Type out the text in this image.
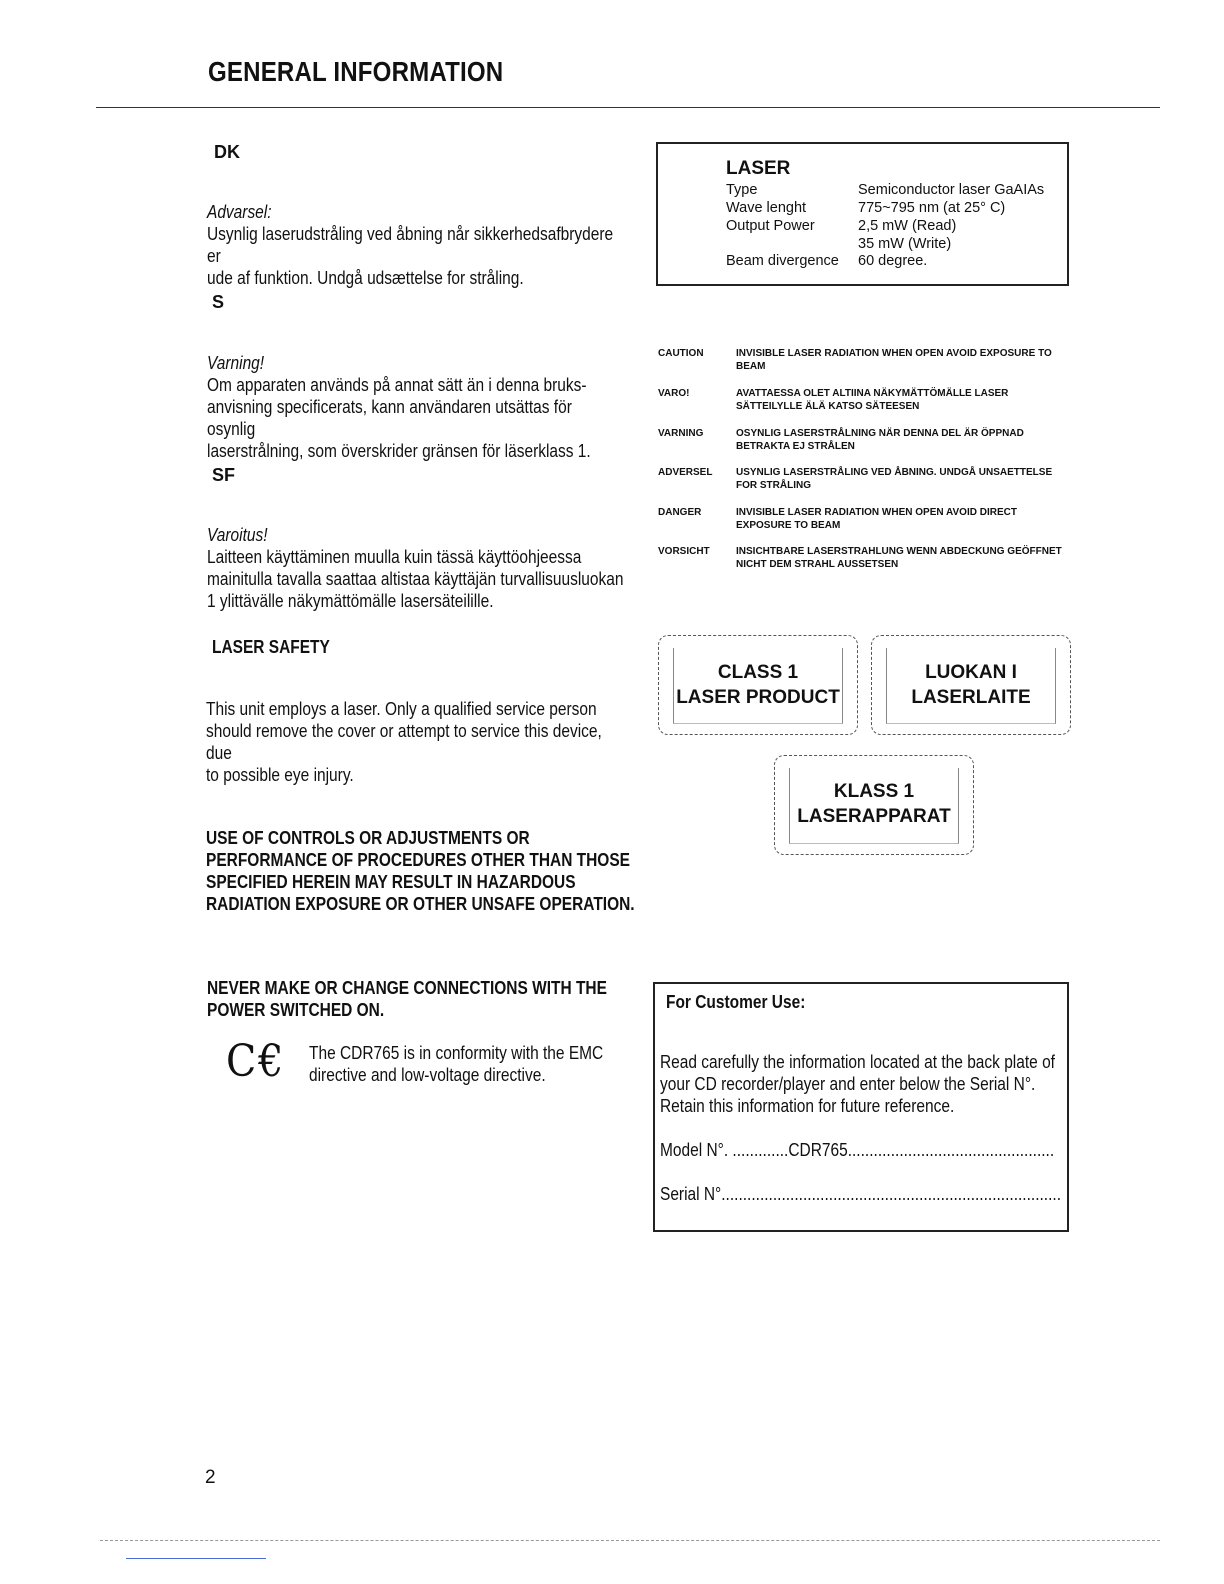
GENERAL INFORMATION
DK
Advarsel:
Usynlig laserudstråling ved åbning når sikkerhedsafbrydere er
ude af funktion. Undgå udsættelse for stråling.
S
Varning!
Om apparaten används på annat sätt än i denna bruks-
anvisning specificerats, kann användaren utsättas för osynlig
laserstrålning, som överskrider gränsen för läserklass 1.
SF
Varoitus!
Laitteen käyttäminen muulla kuin tässä käyttöohjeessa
mainitulla tavalla saattaa altistaa käyttäjän turvallisuusluokan
1 ylittävälle näkymättömälle lasersäteilille.
LASER SAFETY
This unit employs a laser. Only a qualified service person
should remove the cover or attempt to service this device, due
to possible eye injury.
USE OF CONTROLS OR ADJUSTMENTS OR
PERFORMANCE OF PROCEDURES OTHER THAN THOSE
SPECIFIED HEREIN MAY RESULT IN HAZARDOUS
RADIATION EXPOSURE OR OTHER UNSAFE OPERATION.
NEVER MAKE OR CHANGE CONNECTIONS WITH THE
POWER SWITCHED ON.
C€ The CDR765 is in conformity with the EMC
directive and low-voltage directive.
LASER
Type	Semiconductor laser GaAIAs
Wave lenght	775~795 nm (at 25° C)
Output Power	2,5 mW (Read)
35 mW (Write)
Beam divergence 60 degree.
CAUTION	INVISIBLE LASER RADIATION WHEN OPEN AVOID EXPOSURE TO BEAM
VARO!	AVATTAESSA OLET ALTIINA NÄKYMÄTTÖMÄLLE LASER SÄTTEILYLLE ÄLÄ KATSO SÄTEESEN
VARNING	OSYNLIG LASERSTRÅLNING NÄR DENNA DEL ÄR ÖPPNAD BETRAKTA EJ STRÅLEN
ADVERSEL USYNLIG LASERSTRÅLING VED ÅBNING. UNDGÅ UNSAETTELSE FOR STRÅLING
DANGER	INVISIBLE LASER RADIATION WHEN OPEN AVOID DIRECT EXPOSURE TO BEAM
VORSICHT	INSICHTBARE LASERSTRAHLUNG WENN ABDECKUNG GEÖFFNET NICHT DEM STRAHL AUSSETSEN
CLASS 1
LASER PRODUCT
LUOKAN I
LASERLAITE
KLASS 1
LASERAPPARAT
For Customer Use:
Read carefully the information located at the back plate of
your CD recorder/player and enter below the Serial N°.
Retain this information for future reference.
Model N°. .............CDR765................................................
Serial N°...............................................................................
2
